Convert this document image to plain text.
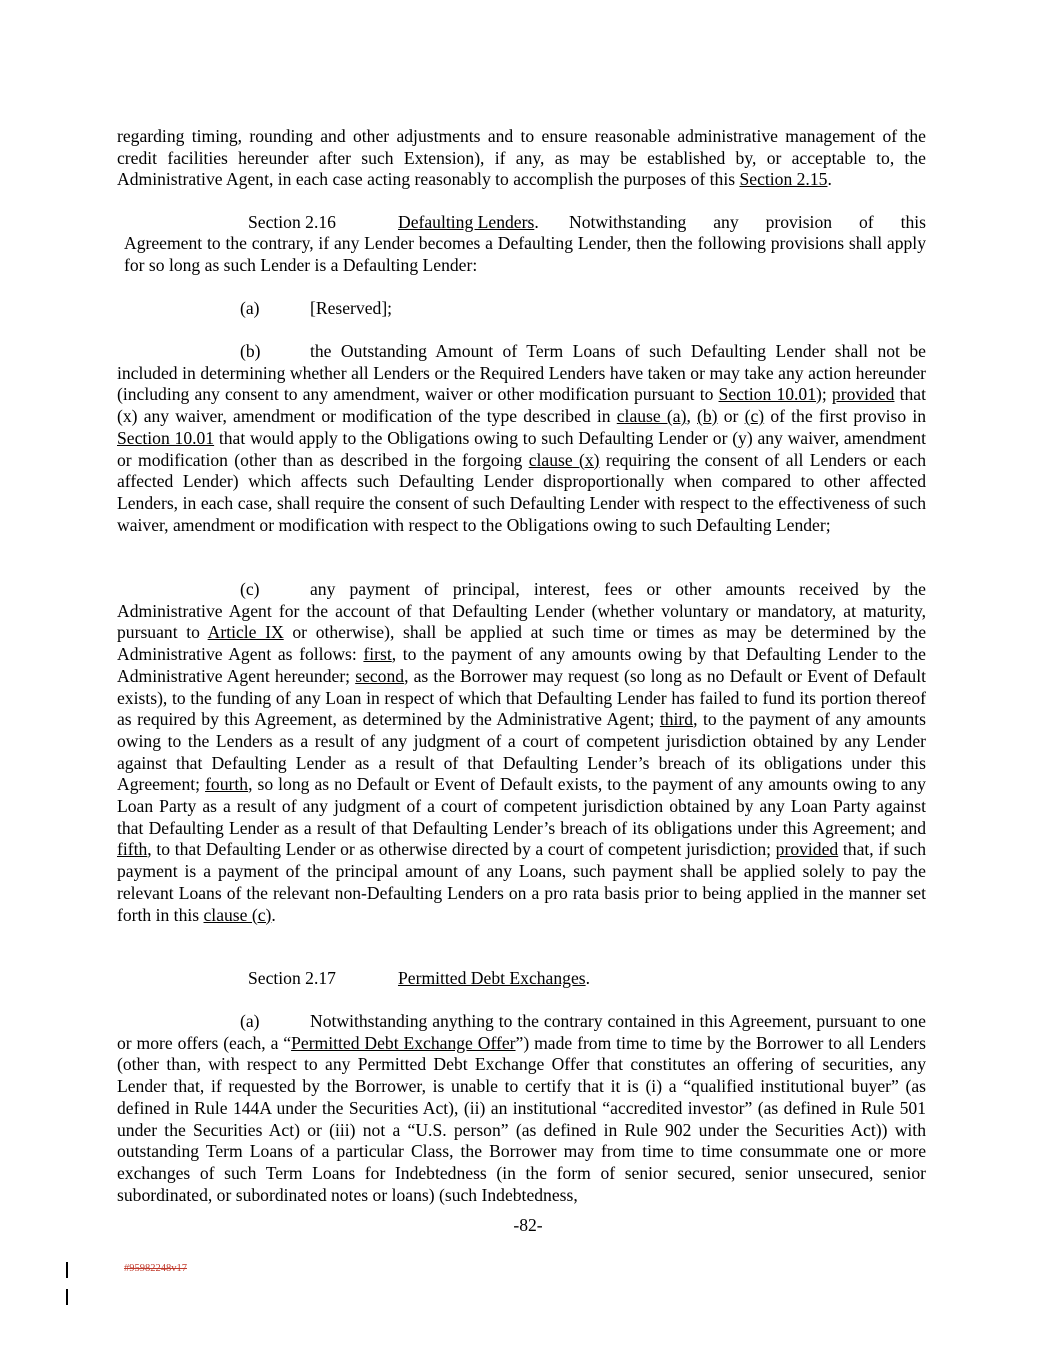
regarding timing, rounding and other adjustments and to ensure reasonable administrative management of the credit facilities hereunder after such Extension), if any, as may be established by, or acceptable to, the Administrative Agent, in each case acting reasonably to accomplish the purposes of this Section 2.15.

Section 2.16	Defaulting Lenders. Notwithstanding any provision of this

Agreement to the contrary, if any Lender becomes a Defaulting Lender, then the following provisions shall apply for so long as such Lender is a Defaulting Lender:

(a)	[Reserved];
(b)	the Outstanding Amount of Term Loans of such Defaulting Lender shall not be included in determining whether all Lenders or the Required Lenders have taken or may take any action hereunder (including any consent to any amendment, waiver or other modification pursuant to Section 10.01); provided that (x) any waiver, amendment or modification of the type described in clause (a), (b) or (c) of the first proviso in Section 10.01 that would apply to the Obligations owing to such Defaulting Lender or (y) any waiver, amendment or modification (other than as described in the forgoing clause (x) requiring the consent of all Lenders or each affected Lender) which affects such Defaulting Lender disproportionally when compared to other affected Lenders, in each case, shall require the consent of such Defaulting Lender with respect to the effectiveness of such waiver, amendment or modification with respect to the Obligations owing to such Defaulting Lender;

(c)	any payment of principal, interest, fees or other amounts received by the Administrative Agent for the account of that Defaulting Lender (whether voluntary or mandatory, at maturity, pursuant to Article IX or otherwise), shall be applied at such time or times as may be determined by the Administrative Agent as follows: first, to the payment of any amounts owing by that Defaulting Lender to the Administrative Agent hereunder; second, as the Borrower may request (so long as no Default or Event of Default exists), to the funding of any Loan in respect of which that Defaulting Lender has failed to fund its portion thereof as required by this Agreement, as determined by the Administrative Agent; third, to the payment of any amounts owing to the Lenders as a result of any judgment of a court of competent jurisdiction obtained by any Lender against that Defaulting Lender as a result of that Defaulting Lender’s breach of its obligations under this Agreement; fourth, so long as no Default or Event of Default exists, to the payment of any amounts owing to any Loan Party as a result of any judgment of a court of competent jurisdiction obtained by any Loan Party against that Defaulting Lender as a result of that Defaulting Lender’s breach of its obligations under this Agreement; and fifth, to that Defaulting Lender or as otherwise directed by a court of competent jurisdiction; provided that, if such payment is a payment of the principal amount of any Loans, such payment shall be applied solely to pay the relevant Loans of the relevant non-Defaulting Lenders on a pro rata basis prior to being applied in the manner set forth in this clause (c).

Section 2.17	Permitted Debt Exchanges.
(a)	Notwithstanding anything to the contrary contained in this Agreement, pursuant to one or more offers (each, a “Permitted Debt Exchange Offer”) made from time to time by the Borrower to all Lenders (other than, with respect to any Permitted Debt Exchange Offer that constitutes an offering of securities, any Lender that, if requested by the Borrower, is unable to certify that it is (i) a “qualified institutional buyer” (as defined in Rule 144A under the Securities Act), (ii) an institutional “accredited investor” (as defined in Rule 501 under the Securities Act) or (iii) not a “U.S. person” (as defined in Rule 902 under the Securities Act)) with outstanding Term Loans of a particular Class, the Borrower may from time to time consummate one or more exchanges of such Term Loans for Indebtedness (in the form of senior secured, senior unsecured, senior subordinated, or subordinated notes or loans) (such Indebtedness,

-82-
#95982248v17
